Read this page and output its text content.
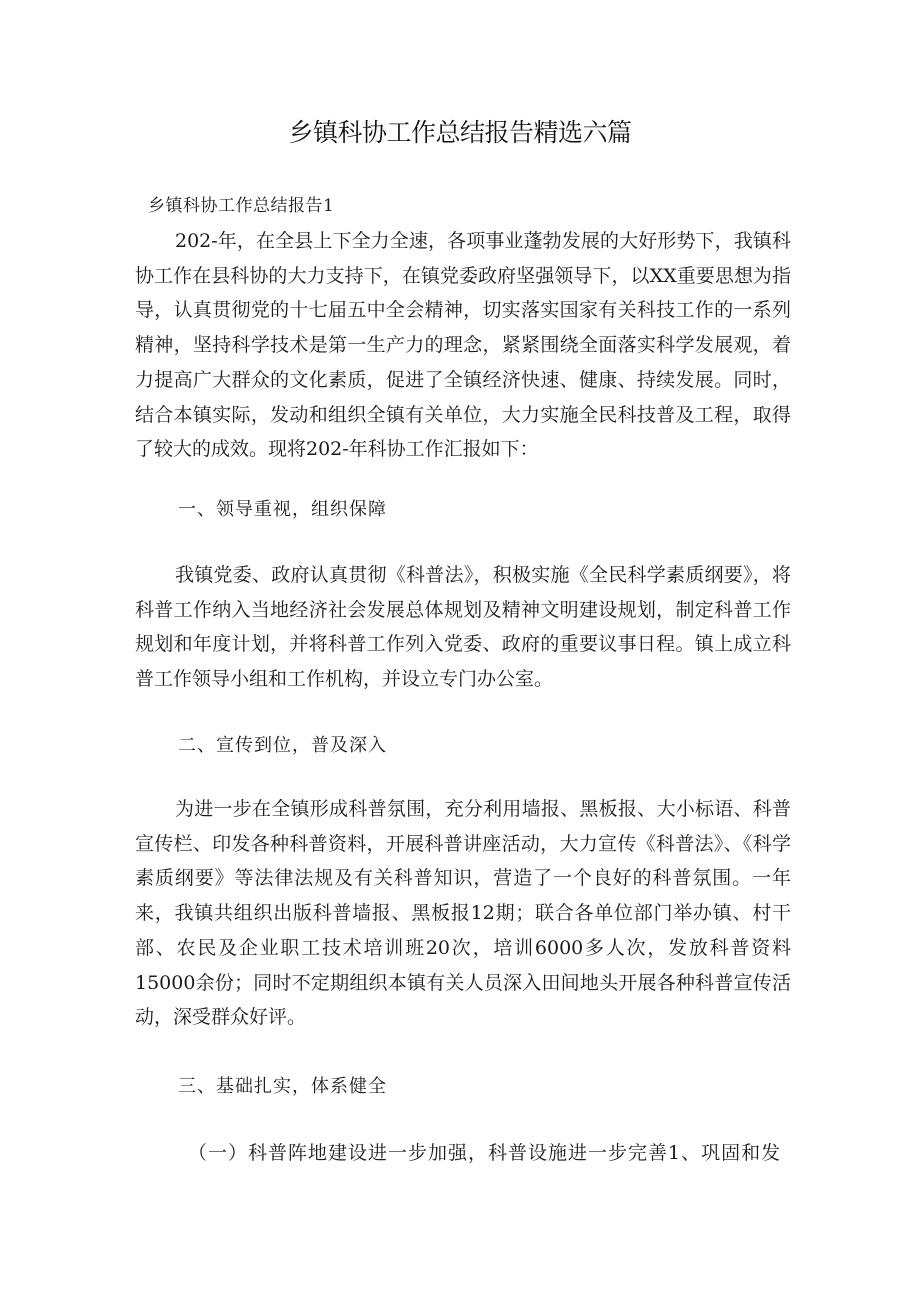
乡镇科协工作总结报告精选六篇
乡镇科协工作总结报告1

202-年，在全县上下全力全速，各项事业蓬勃发展的大好形势下，我镇科协工作在县科协的大力支持下，在镇党委政府坚强领导下，以XX重要思想为指导，认真贯彻党的十七届五中全会精神，切实落实国家有关科技工作的一系列精神，坚持科学技术是第一生产力的理念，紧紧围绕全面落实科学发展观，着力提高广大群众的文化素质，促进了全镇经济快速、健康、持续发展。同时，结合本镇实际，发动和组织全镇有关单位，大力实施全民科技普及工程，取得了较大的成效。现将202-年科协工作汇报如下：

一、领导重视，组织保障

我镇党委、政府认真贯彻《科普法》，积极实施《全民科学素质纲要》，将科普工作纳入当地经济社会发展总体规划及精神文明建设规划，制定科普工作规划和年度计划，并将科普工作列入党委、政府的重要议事日程。镇上成立科普工作领导小组和工作机构，并设立专门办公室。

二、宣传到位，普及深入

为进一步在全镇形成科普氛围，充分利用墙报、黑板报、大小标语、科普宣传栏、印发各种科普资料，开展科普讲座活动，大力宣传《科普法》、《科学素质纲要》等法律法规及有关科普知识，营造了一个良好的科普氛围。一年来，我镇共组织出版科普墙报、黑板报12期；联合各单位部门举办镇、村干部、农民及企业职工技术培训班20次，培训6000多人次，发放科普资料15000余份；同时不定期组织本镇有关人员深入田间地头开展各种科普宣传活动，深受群众好评。

三、基础扎实，体系健全

（一）科普阵地建设进一步加强，科普设施进一步完善1、巩固和发
